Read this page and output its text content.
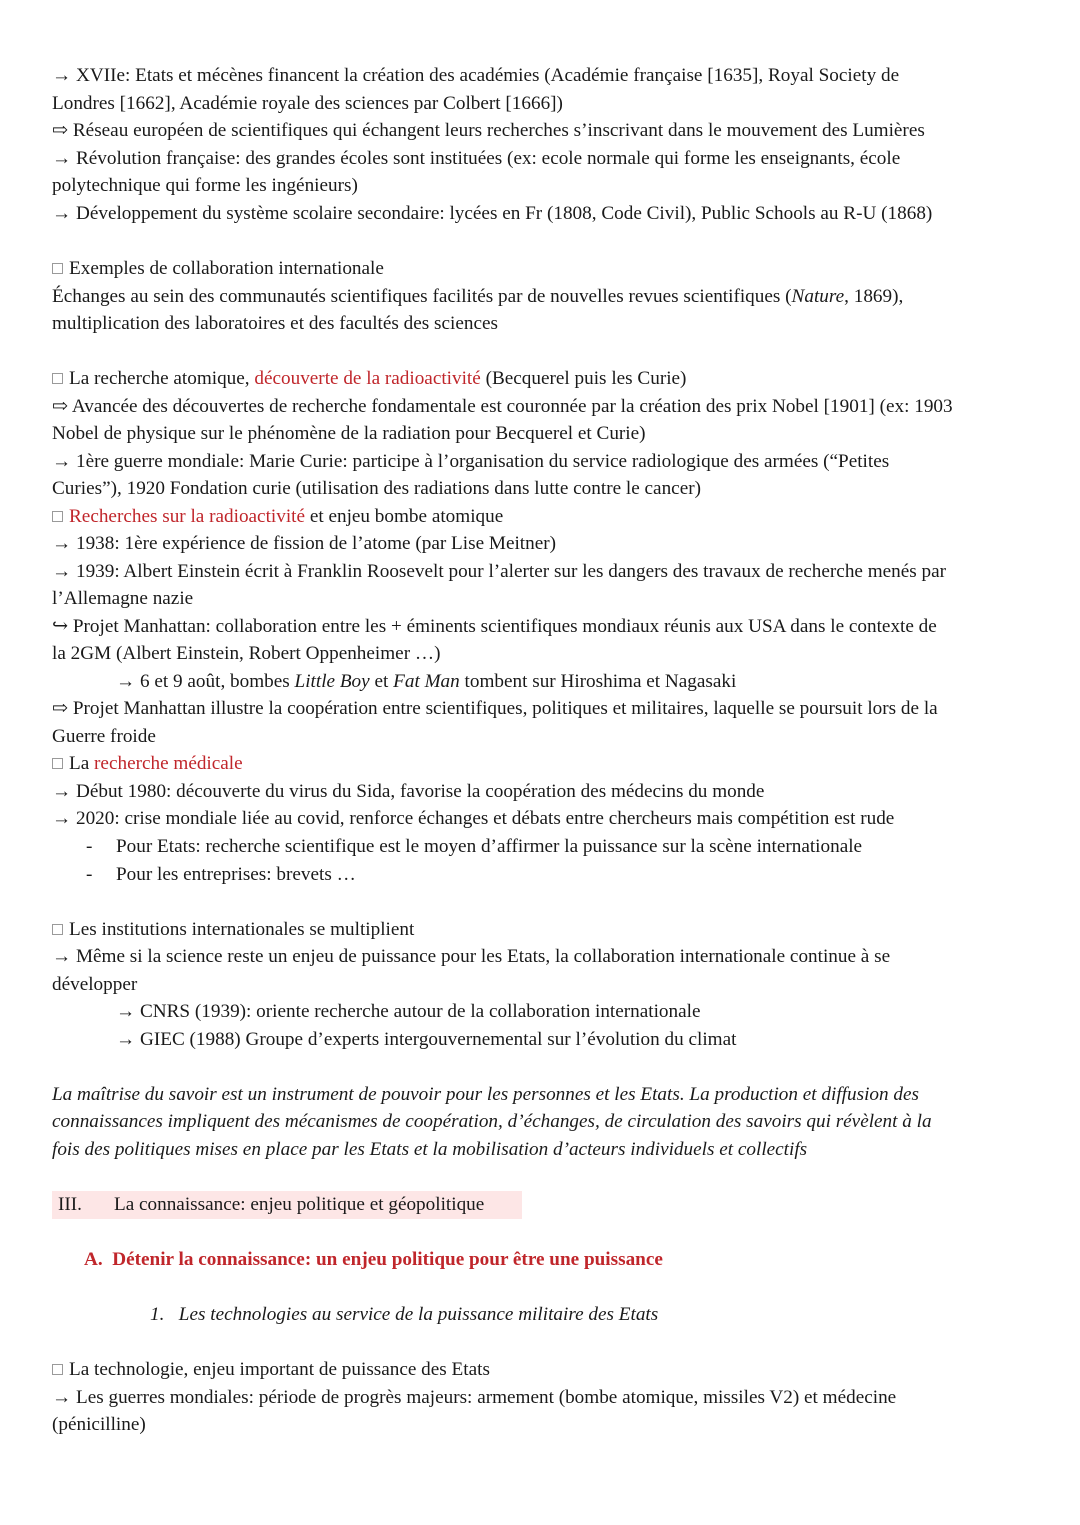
→ XVIIe: Etats et mécènes financent la création des académies (Académie française [1635], Royal Society de
Londres [1662], Académie royale des sciences par Colbert [1666])
⇨ Réseau européen de scientifiques qui échangent leurs recherches s’inscrivant dans le mouvement des Lumières
→ Révolution française: des grandes écoles sont instituées (ex: ecole normale qui forme les enseignants, école
polytechnique qui forme les ingénieurs)
→ Développement du système scolaire secondaire: lycées en Fr (1808, Code Civil), Public Schools au R-U (1868)
Exemples de collaboration internationale
Échanges au sein des communautés scientifiques facilités par de nouvelles revues scientifiques (Nature, 1869),
multiplication des laboratoires et des facultés des sciences
La recherche atomique, découverte de la radioactivité (Becquerel puis les Curie)
⇨ Avancée des découvertes de recherche fondamentale est couronnée par la création des prix Nobel [1901] (ex: 1903
Nobel de physique sur le phénomène de la radiation pour Becquerel et Curie)
→ 1ère guerre mondiale: Marie Curie: participe à l’organisation du service radiologique des armées (“Petites
Curies”), 1920 Fondation curie (utilisation des radiations dans lutte contre le cancer)
Recherches sur la radioactivité et enjeu bombe atomique
→ 1938: 1ère expérience de fission de l’atome (par Lise Meitner)
→ 1939: Albert Einstein écrit à Franklin Roosevelt pour l’alerter sur les dangers des travaux de recherche menés par
l’Allemagne nazie
↪ Projet Manhattan: collaboration entre les + éminents scientifiques mondiaux réunis aux USA dans le contexte de
la 2GM (Albert Einstein, Robert Oppenheimer …)
→ 6 et 9 août, bombes Little Boy et Fat Man tombent sur Hiroshima et Nagasaki
⇨ Projet Manhattan illustre la coopération entre scientifiques, politiques et militaires, laquelle se poursuit lors de la
Guerre froide
La recherche médicale
→ Début 1980: découverte du virus du Sida, favorise la coopération des médecins du monde
→ 2020: crise mondiale liée au covid, renforce échanges et débats entre chercheurs mais compétition est rude
- Pour Etats: recherche scientifique est le moyen d’affirmer la puissance sur la scène internationale
- Pour les entreprises: brevets …
Les institutions internationales se multiplient
→ Même si la science reste un enjeu de puissance pour les Etats, la collaboration internationale continue à se
développer
→ CNRS (1939): oriente recherche autour de la collaboration internationale
→ GIEC (1988) Groupe d’experts intergouvernemental sur l’évolution du climat
La maîtrise du savoir est un instrument de pouvoir pour les personnes et les Etats. La production et diffusion des
connaissances impliquent des mécanismes de coopération, d’échanges, de circulation des savoirs qui révèlent à la
fois des politiques mises en place par les Etats et la mobilisation d’acteurs individuels et collectifs
III. La connaissance: enjeu politique et géopolitique
A.  Détenir la connaissance: un enjeu politique pour être une puissance
1.   Les technologies au service de la puissance militaire des Etats
La technologie, enjeu important de puissance des Etats
→ Les guerres mondiales: période de progrès majeurs: armement (bombe atomique, missiles V2) et médecine
(pénicilline)
